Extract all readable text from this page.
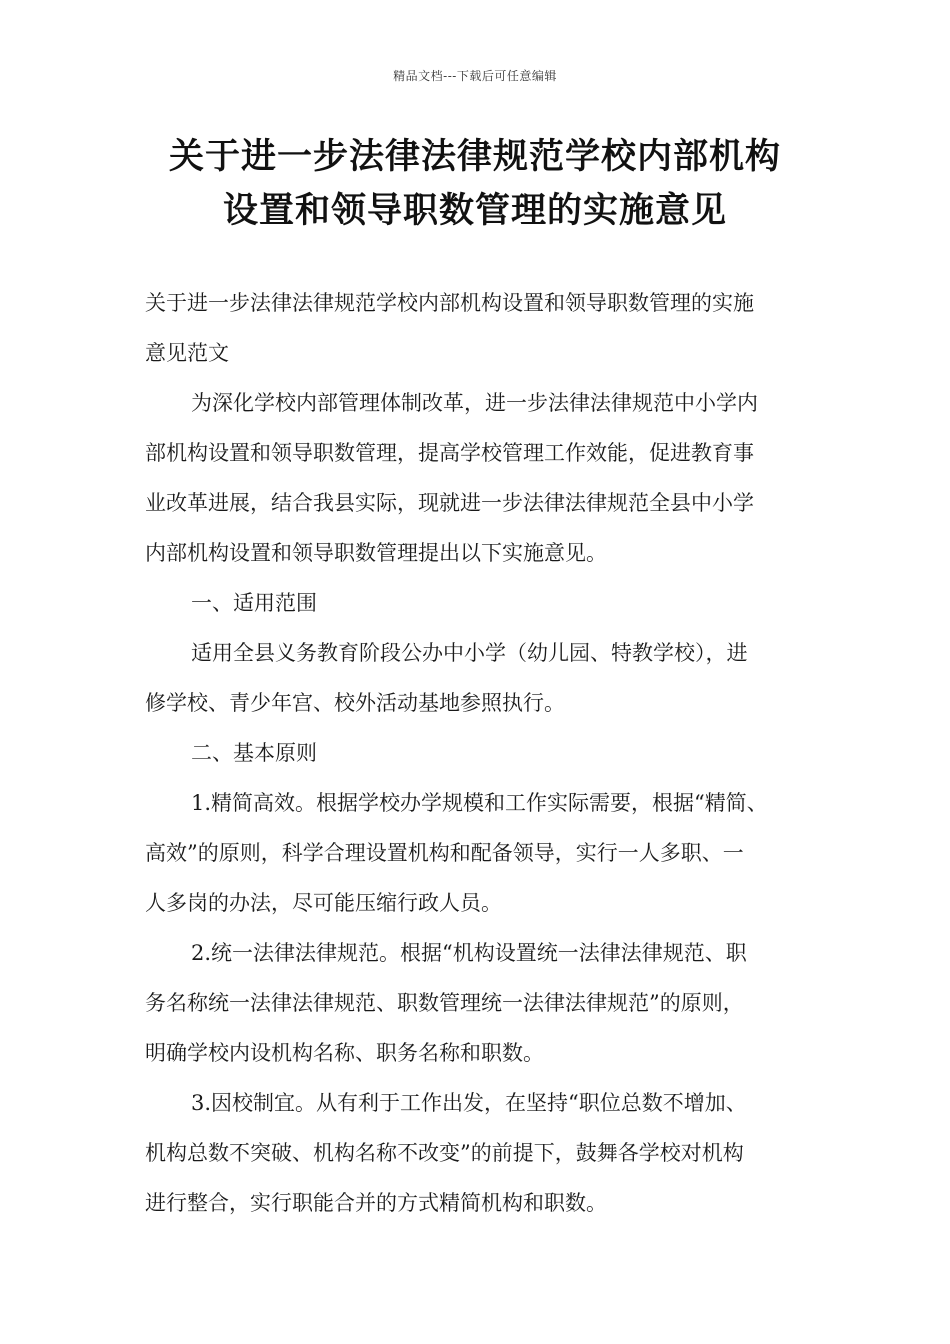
精品文档---下载后可任意编辑
关于进一步法律法律规范学校内部机构
设置和领导职数管理的实施意见

关于进一步法律法律规范学校内部机构设置和领导职数管理的实施
意见范文

为深化学校内部管理体制改革，进一步法律法律规范中小学内
部机构设置和领导职数管理，提高学校管理工作效能，促进教育事
业改革进展，结合我县实际，现就进一步法律法律规范全县中小学
内部机构设置和领导职数管理提出以下实施意见。

一、适用范围

适用全县义务教育阶段公办中小学（幼儿园、特教学校），进
修学校、青少年宫、校外活动基地参照执行。

二、基本原则

1.精简高效。根据学校办学规模和工作实际需要，根据“精简、
高效”的原则，科学合理设置机构和配备领导，实行一人多职、一
人多岗的办法，尽可能压缩行政人员。

2.统一法律法律规范。根据“机构设置统一法律法律规范、职
务名称统一法律法律规范、职数管理统一法律法律规范”的原则，
明确学校内设机构名称、职务名称和职数。

3.因校制宜。从有利于工作出发，在坚持“职位总数不增加、
机构总数不突破、机构名称不改变”的前提下，鼓舞各学校对机构
进行整合，实行职能合并的方式精简机构和职数。
